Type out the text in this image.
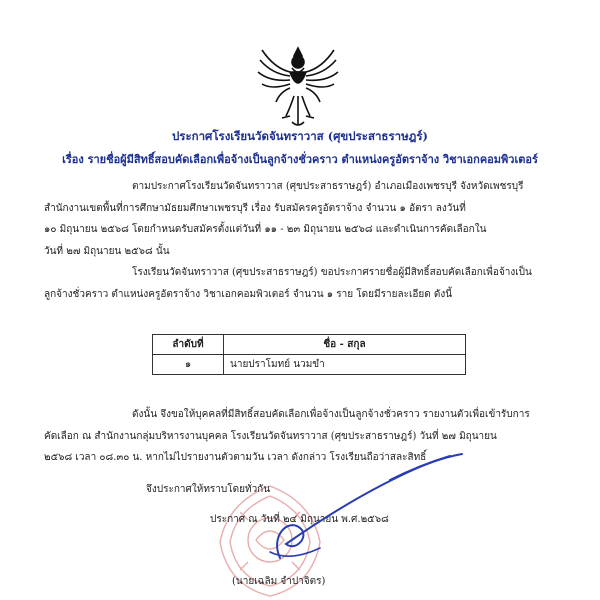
ประกาศโรงเรียนวัดจันทราวาส (ศุขประสาธราษฎร์)
เรื่อง รายชื่อผู้มีสิทธิ์สอบคัดเลือกเพื่อจ้างเป็นลูกจ้างชั่วคราว ตำแหน่งครูอัตราจ้าง วิชาเอกคอมพิวเตอร์
ตามประกาศโรงเรียนวัดจันทราวาส (ศุขประสาธราษฎร์) อำเภอเมืองเพชรบุรี จังหวัดเพชรบุรี
สำนักงานเขตพื้นที่การศึกษามัธยมศึกษาเพชรบุรี เรื่อง รับสมัครครูอัตราจ้าง จำนวน ๑ อัตรา ลงวันที่
๑๐ มิถุนายน ๒๕๖๘ โดยกำหนดรับสมัครตั้งแต่วันที่ ๑๑ - ๒๓ มิถุนายน ๒๕๖๘ และดำเนินการคัดเลือกใน
วันที่ ๒๗ มิถุนายน ๒๕๖๘ นั้น
โรงเรียนวัดจันทราวาส (ศุขประสาธราษฎร์) ขอประกาศรายชื่อผู้มีสิทธิ์สอบคัดเลือกเพื่อจ้างเป็น
ลูกจ้างชั่วคราว ตำแหน่งครูอัตราจ้าง วิชาเอกคอมพิวเตอร์ จำนวน ๑ ราย โดยมีรายละเอียด ดังนี้
ลำดับที่	ชื่อ - สกุล
๑	นายปราโมทย์ นวมขำ
ดังนั้น จึงขอให้บุคคลที่มีสิทธิ์สอบคัดเลือกเพื่อจ้างเป็นลูกจ้างชั่วคราว รายงานตัวเพื่อเข้ารับการ
คัดเลือก ณ สำนักงานกลุ่มบริหารงานบุคคล โรงเรียนวัดจันทราวาส (ศุขประสาธราษฎร์) วันที่ ๒๗ มิถุนายน
๒๕๖๘ เวลา ๐๘.๓๐ น. หากไม่ไปรายงานตัวตามวัน เวลา ดังกล่าว โรงเรียนถือว่าสละสิทธิ์
จึงประกาศให้ทราบโดยทั่วกัน
ประกาศ ณ วันที่ ๒๔ มิถุนายน พ.ศ.๒๕๖๘
(นายเฉลิม จำปาจิตร)
